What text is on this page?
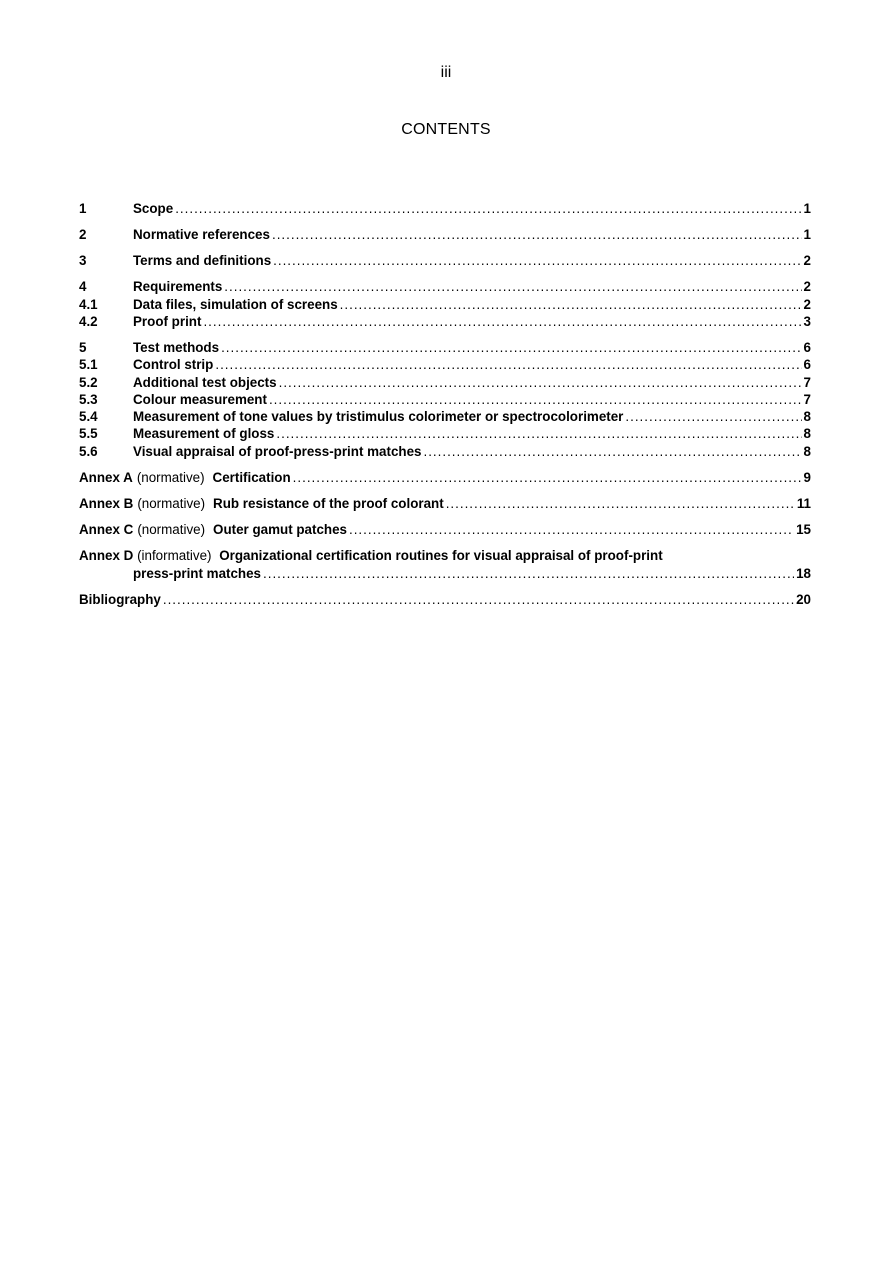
iii
CONTENTS
1	Scope .....	1
2	Normative references .....	1
3	Terms and definitions .....	2
4	Requirements .....	2
4.1	Data files, simulation of screens .....	2
4.2	Proof print .....	3
5	Test methods .....	6
5.1	Control strip .....	6
5.2	Additional test objects .....	7
5.3	Colour measurement .....	7
5.4	Measurement of tone values by tristimulus colorimeter or spectrocolorimeter .....	8
5.5	Measurement of gloss .....	8
5.6	Visual appraisal of proof-press-print matches .....	8
Annex A (normative) Certification .....	9
Annex B (normative) Rub resistance of the proof colorant .....	11
Annex C (normative) Outer gamut patches .....	15
Annex D (informative) Organizational certification routines for visual appraisal of proof-print
press-print matches .....	18
Bibliography .....	20
